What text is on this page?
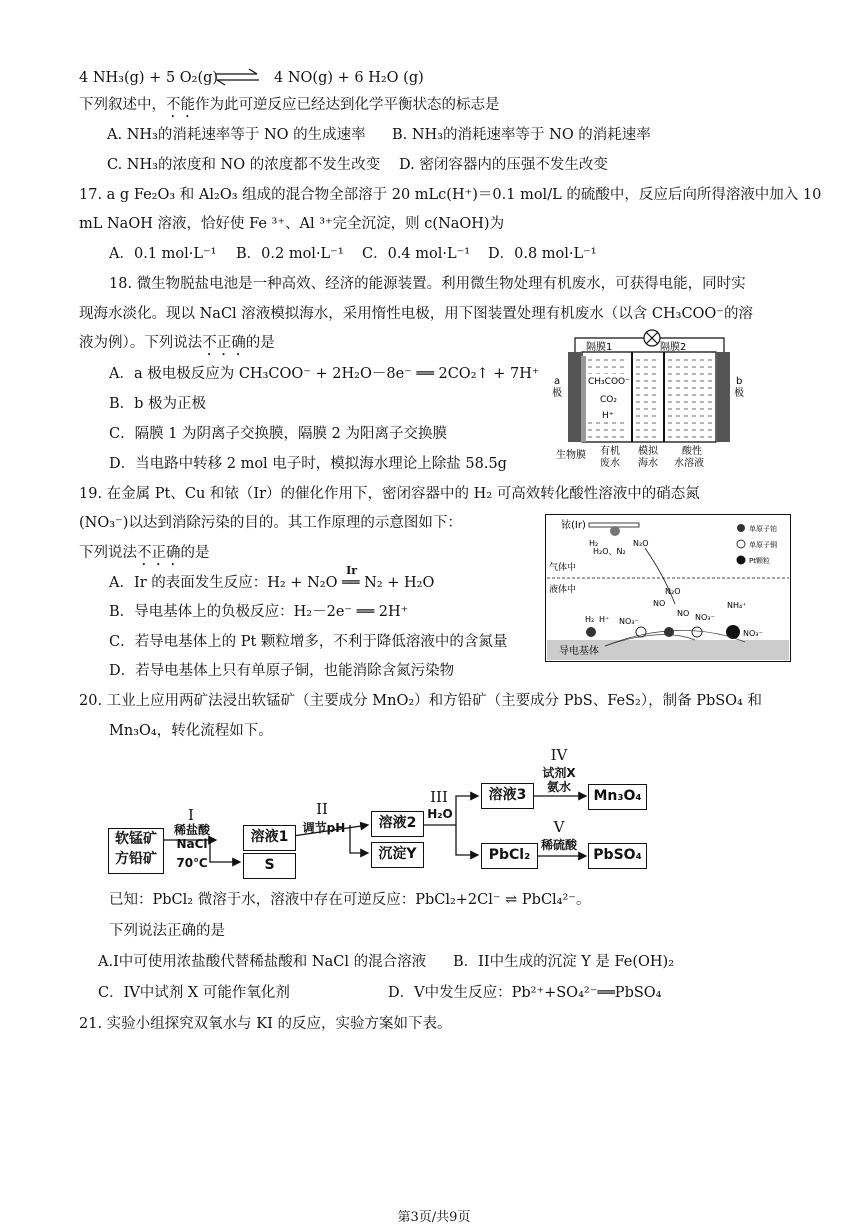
4 NH₃(g) + 5 O₂(g) ⇌ 4 NO(g) + 6 H₂O (g)
下列叙述中，不能作为此可逆反应已经达到化学平衡状态的标志是
A. NH₃的消耗速率等于 NO 的生成速率 B. NH₃的消耗速率等于 NO 的消耗速率
C. NH₃的浓度和 NO 的浓度都不发生改变 D. 密闭容器内的压强不发生改变
17. a g Fe₂O₃ 和 Al₂O₃ 组成的混合物全部溶于 20 mLc(H⁺)＝0.1 mol/L 的硫酸中，反应后向所得溶液中加入 10
mL NaOH 溶液，恰好使 Fe ³⁺、Al ³⁺完全沉淀，则 c(NaOH)为
A．0.1 mol·L⁻¹ B．0.2 mol·L⁻¹ C．0.4 mol·L⁻¹ D．0.8 mol·L⁻¹
18. 微生物脱盐电池是一种高效、经济的能源装置。利用微生物处理有机废水，可获得电能，同时实
现海水淡化。现以 NaCl 溶液模拟海水，采用惰性电极，用下图装置处理有机废水（以含 CH₃COO⁻的溶
液为例）。下列说法不正确的是
A．a 极电极反应为 CH₃COO⁻ + 2H₂O－8e⁻ ══ 2CO₂↑ + 7H⁺
B．b 极为正极
C．隔膜 1 为阴离子交换膜，隔膜 2 为阳离子交换膜
D．当电路中转移 2 mol 电子时，模拟海水理论上除盐 58.5g
隔膜1	隔膜2
a
极
b
极
CH₃COO⁻
CO₂
H⁺
生物膜 有机
废水
模拟
海水
酸性
水溶液
19. 在金属 Pt、Cu 和铱（Ir）的催化作用下，密闭容器中的 H₂ 可高效转化酸性溶液中的硝态氮
(NO₃⁻)以达到消除污染的目的。其工作原理的示意图如下：
下列说法不正确的是
A．Ir 的表面发生反应：H₂ + N₂O
Ir
══ N₂ + H₂O
B．导电基体上的负极反应：H₂－2e⁻ ══ 2H⁺
C．若导电基体上的 Pt 颗粒增多，不利于降低溶液中的含氮量
D．若导电基体上只有单原子铜，也能消除含氮污染物
导电基体
铱(Ir)
H₂
H₂O、N₂
N₂O
气体中
液体中
单原子铂
单原子铜
Pt颗粒
H₂ H⁺ NO₃⁻
NO
N₂O
NO NO₃⁻
NH₄⁺
NO₃⁻
20. 工业上应用两矿法浸出软锰矿（主要成分 MnO₂）和方铅矿（主要成分 PbS、FeS₂），制备 PbSO₄ 和
Mn₃O₄，转化流程如下。
软锰矿
方铅矿
I
稀盐酸
NaCl
70℃
溶液1
S
II
调节pH	溶液2
沉淀Y
III
H₂O
溶液3
PbCl₂
IV
试剂X
氨水
Mn₃O₄
V
稀硫酸
PbSO₄
已知：PbCl₂ 微溶于水，溶液中存在可逆反应：PbCl₂+2Cl⁻ ⇌ PbCl₄²⁻。
下列说法正确的是
A.I中可使用浓盐酸代替稀盐酸和 NaCl 的混合溶液 B．II中生成的沉淀 Y 是 Fe(OH)₂
C．IV中试剂 X 可能作氧化剂	D．V中发生反应：Pb²⁺+SO₄²⁻══PbSO₄
21. 实验小组探究双氧水与 KI 的反应，实验方案如下表。
第3页/共9页
